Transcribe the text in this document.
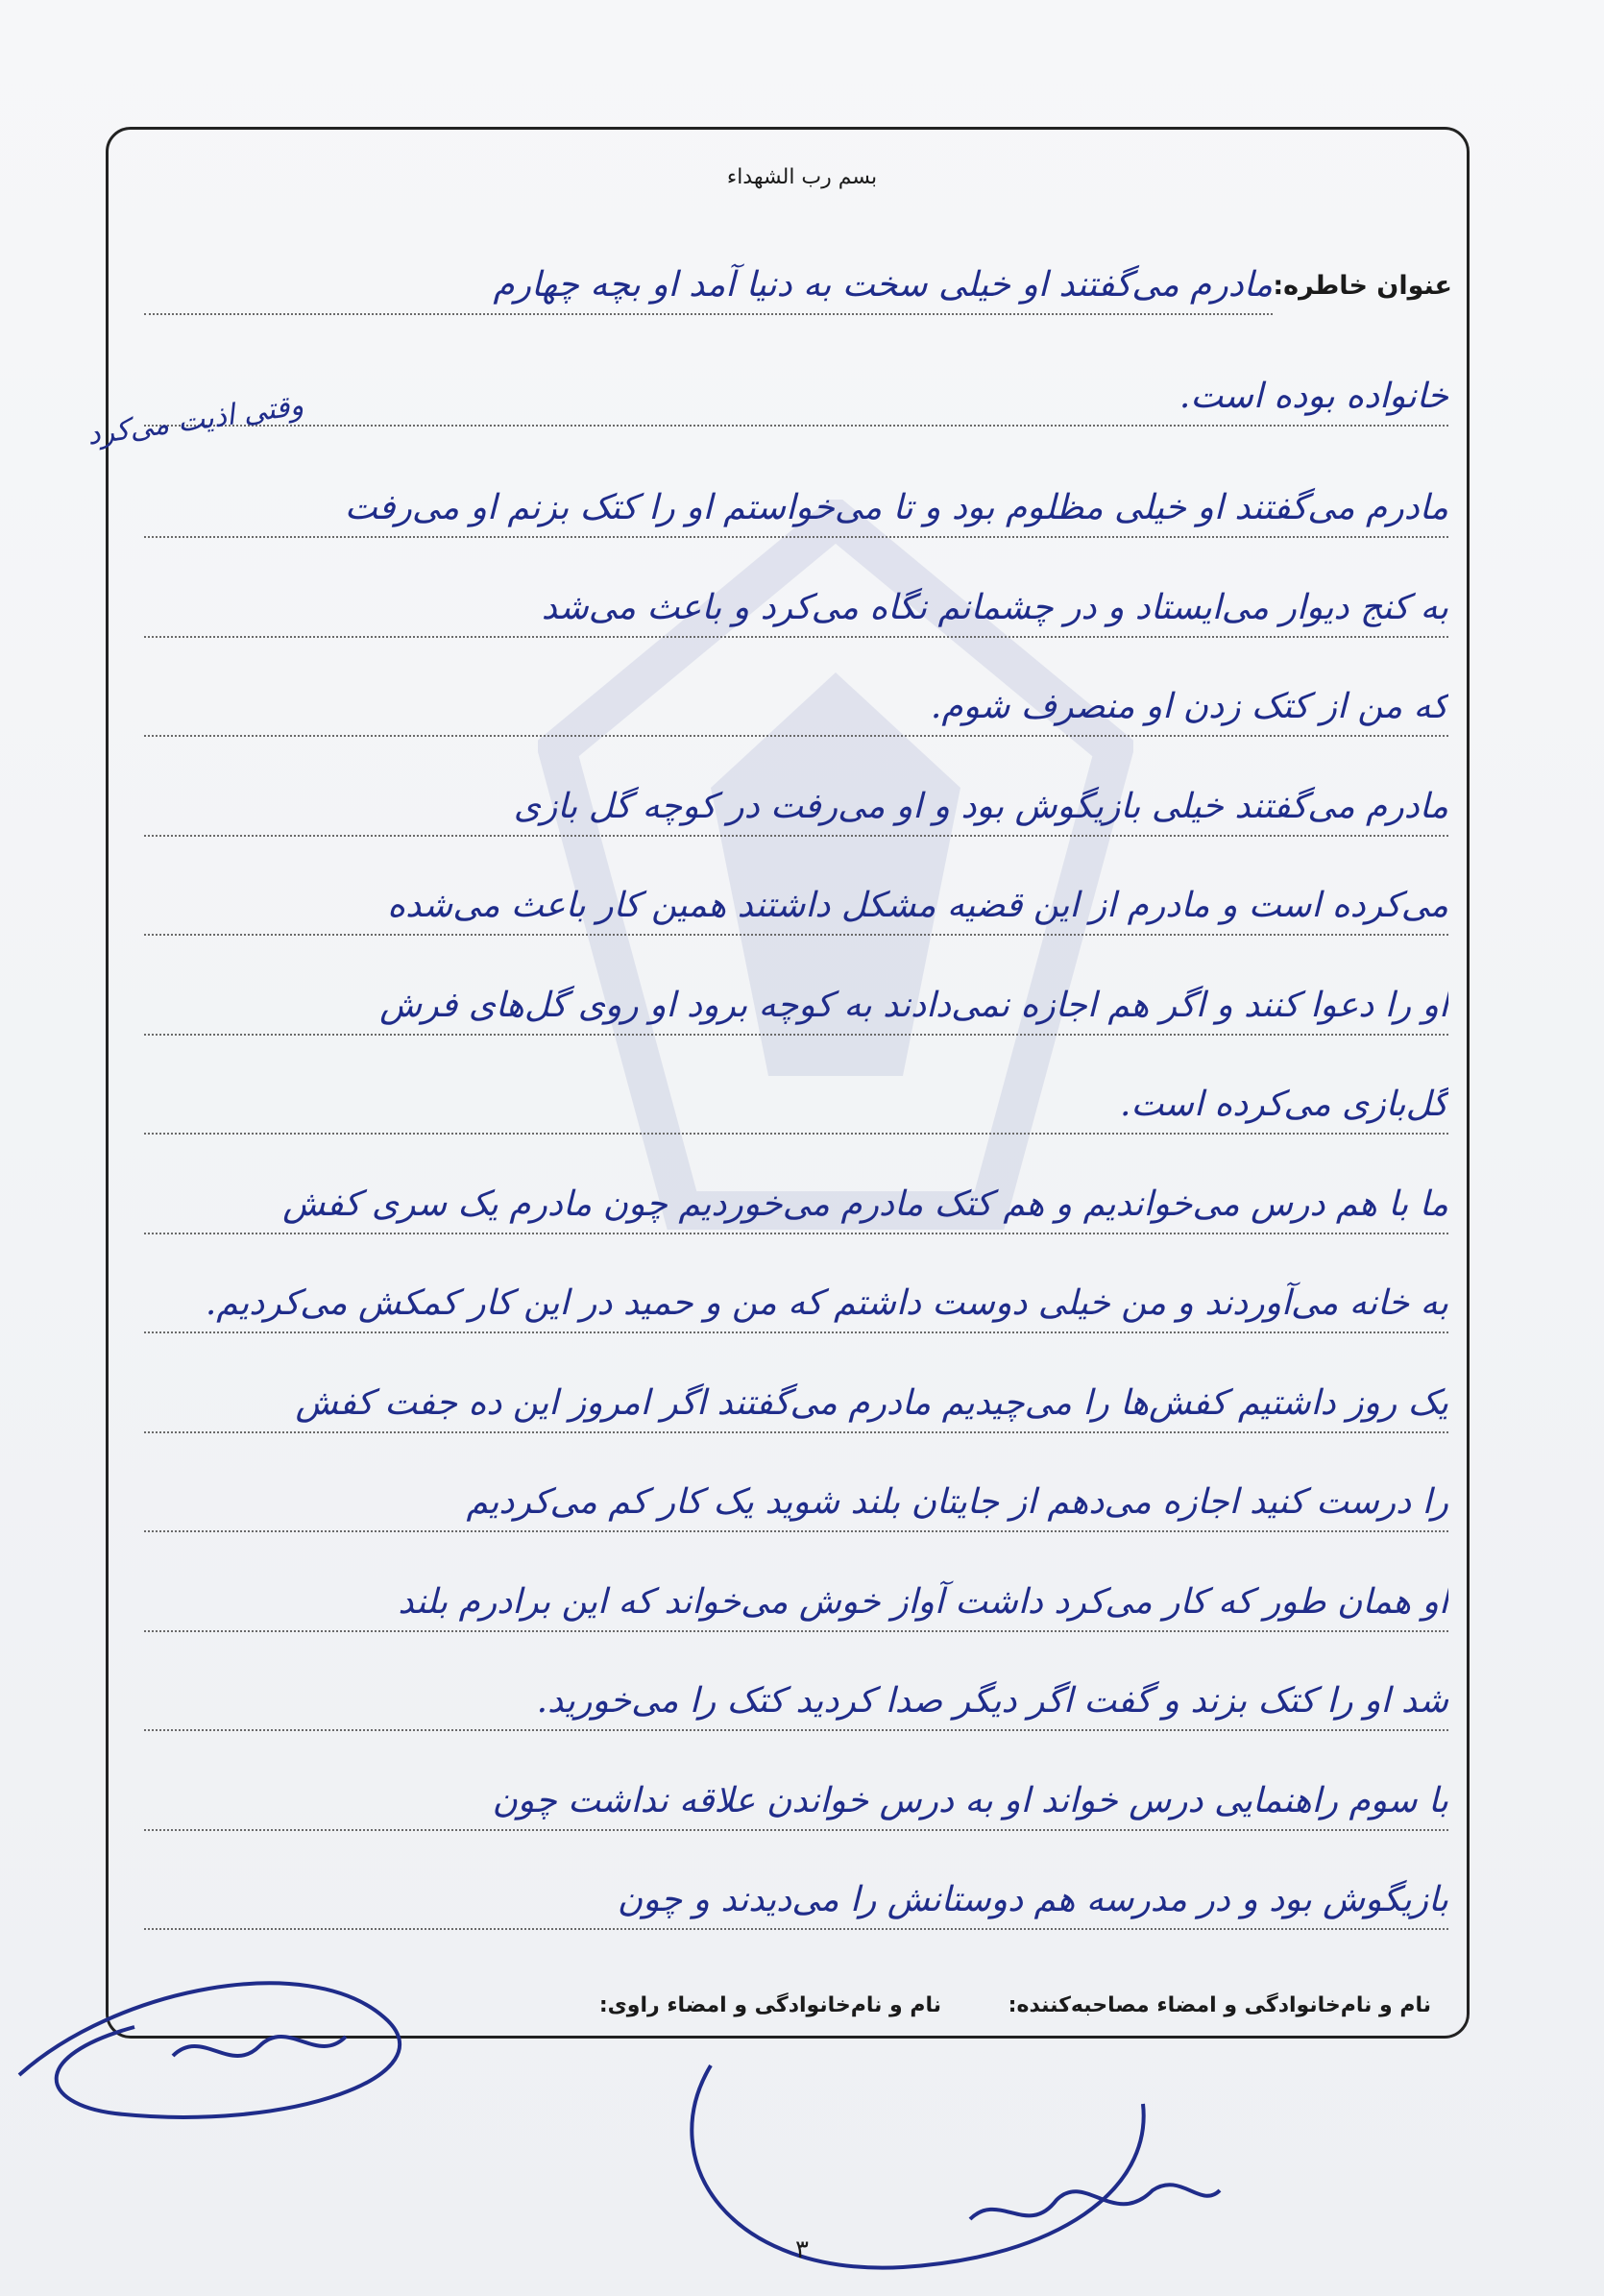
بسم رب الشهداء
عنوان خاطره:
مادرم می‌گفتند او خیلی سخت به دنیا آمد او بچه چهارم
خانواده بوده است.
وقتی اذیت می‌کرد
مادرم می‌گفتند او خیلی مظلوم بود و تا می‌خواستم او را کتک بزنم او می‌رفت
به کنج دیوار می‌ایستاد و در چشمانم نگاه می‌کرد و باعث می‌شد
که من از کتک زدن او منصرف شوم.
مادرم می‌گفتند خیلی بازیگوش بود و او می‌رفت در کوچه گل بازی
می‌کرده است و مادرم از این قضیه مشکل داشتند همین کار باعث می‌شده
او را دعوا کنند و اگر هم اجازه نمی‌دادند به کوچه برود او روی گل‌های فرش
گل‌بازی می‌کرده است.
ما با هم درس می‌خواندیم و هم کتک مادرم می‌خوردیم چون مادرم یک سری کفش
به خانه می‌آوردند و من خیلی دوست داشتم که من و حمید در این کار کمکش می‌کردیم.
یک روز داشتیم کفش‌ها را می‌چیدیم مادرم می‌گفتند اگر امروز این ده جفت کفش
را درست کنید اجازه می‌دهم از جایتان بلند شوید یک کار کم می‌کردیم
او همان طور که کار می‌کرد داشت آواز خوش می‌خواند که این برادرم بلند
شد او را کتک بزند و گفت اگر دیگر صدا کردید کتک را می‌خورید.
با سوم راهنمایی درس خواند او به درس خواندن علاقه نداشت چون
بازیگوش بود و در مدرسه هم دوستانش را می‌دیدند و چون
نام و نام‌خانوادگی و امضاء مصاحبه‌کننده:
نام و نام‌خانوادگی و امضاء راوی:
۳
